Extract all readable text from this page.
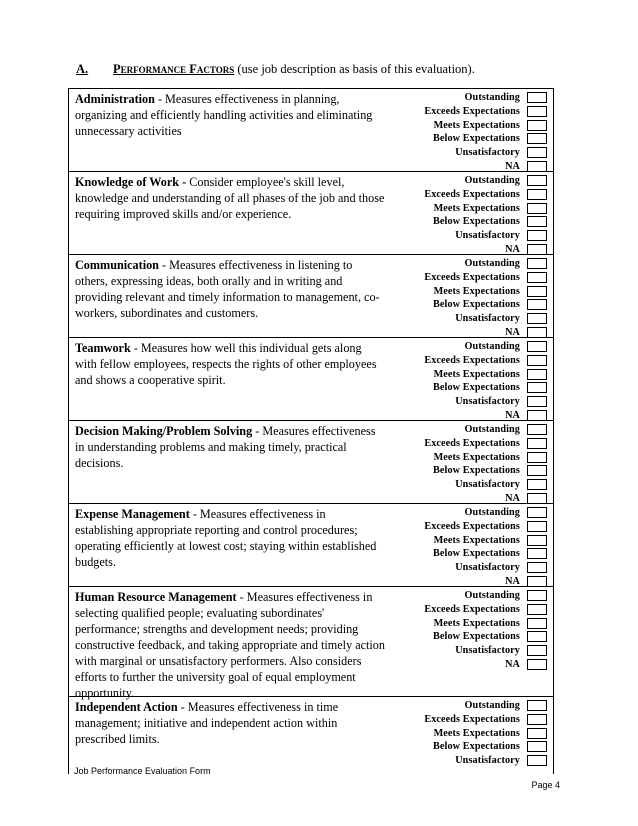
A. Performance Factors (use job description as basis of this evaluation).
Administration - Measures effectiveness in planning, organizing and efficiently handling activities and eliminating unnecessary activities
Outstanding
Exceeds Expectations
Meets Expectations
Below Expectations
Unsatisfactory
NA
Knowledge of Work - Consider employee's skill level, knowledge and understanding of all phases of the job and those requiring improved skills and/or experience.
Outstanding
Exceeds Expectations
Meets Expectations
Below Expectations
Unsatisfactory
NA
Communication - Measures effectiveness in listening to others, expressing ideas, both orally and in writing and providing relevant and timely information to management, co-workers, subordinates and customers.
Outstanding
Exceeds Expectations
Meets Expectations
Below Expectations
Unsatisfactory
NA
Teamwork - Measures how well this individual gets along with fellow employees, respects the rights of other employees and shows a cooperative spirit.
Outstanding
Exceeds Expectations
Meets Expectations
Below Expectations
Unsatisfactory
NA
Decision Making/Problem Solving - Measures effectiveness in understanding problems and making timely, practical decisions.
Outstanding
Exceeds Expectations
Meets Expectations
Below Expectations
Unsatisfactory
NA
Expense Management - Measures effectiveness in establishing appropriate reporting and control procedures; operating efficiently at lowest cost; staying within established budgets.
Outstanding
Exceeds Expectations
Meets Expectations
Below Expectations
Unsatisfactory
NA
Human Resource Management - Measures effectiveness in selecting qualified people; evaluating subordinates' performance; strengths and development needs; providing constructive feedback, and taking appropriate and timely action with marginal or unsatisfactory performers. Also considers efforts to further the university goal of equal employment opportunity.
Outstanding
Exceeds Expectations
Meets Expectations
Below Expectations
Unsatisfactory
NA
Independent Action - Measures effectiveness in time management; initiative and independent action within prescribed limits.
Outstanding
Exceeds Expectations
Meets Expectations
Below Expectations
Unsatisfactory
Job Performance Evaluation Form
Page 4
